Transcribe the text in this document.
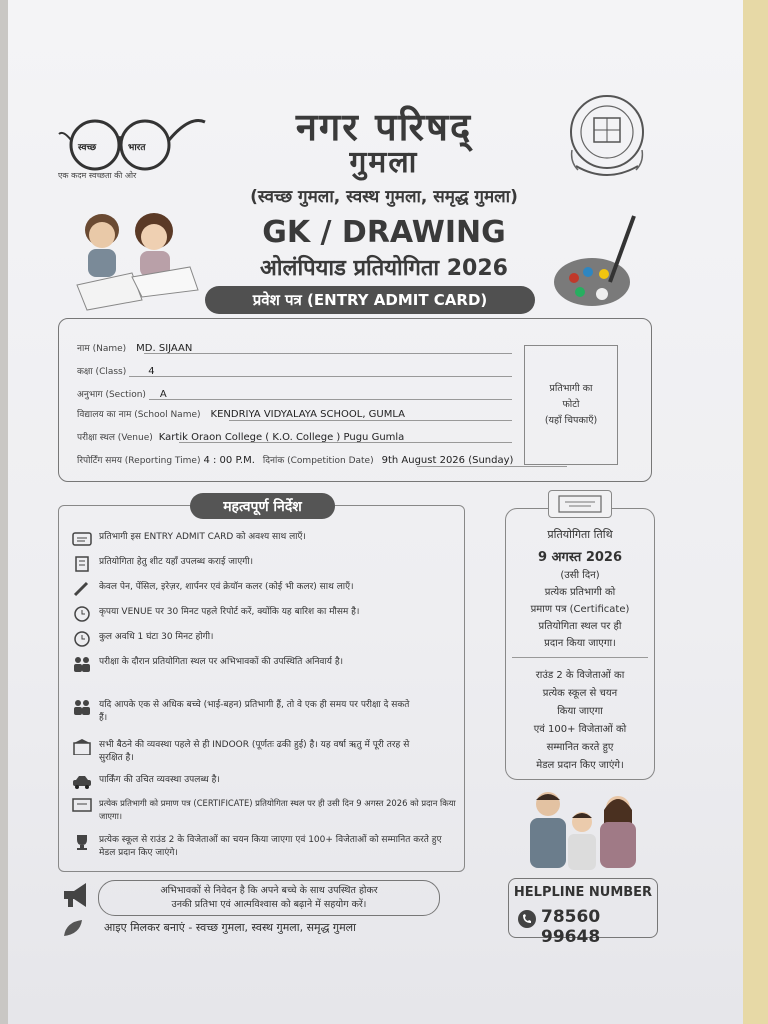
स्वच्छ	भारत
एक कदम स्वच्छता की ओर
नगर परिषद्
गुमला
(स्वच्छ गुमला, स्वस्थ गुमला, समृद्ध गुमला)
GK / DRAWING
ओलंपियाड प्रतियोगिता 2026
प्रवेश पत्र (ENTRY ADMIT CARD)
नाम (Name) MD. SIJAAN
कक्षा (Class) 4
अनुभाग (Section) A
विद्यालय का नाम (School Name) KENDRIYA VIDYALAYA SCHOOL, GUMLA
परीक्षा स्थल (Venue) Kartik Oraon College ( K.O. College ) Pugu Gumla
रिपोर्टिंग समय (Reporting Time) 4 : 00 P.M. दिनांक (Competition Date) 9th August 2026 (Sunday)
प्रतिभागी का
फोटो
(यहाँ चिपकाएँ)
प्रतिभागी इस ENTRY ADMIT CARD को अवश्य साथ लाएँ।
प्रतियोगिता हेतु शीट यहाँ उपलब्ध कराई जाएगी।
केवल पेन, पेंसिल, इरेज़र, शार्पनर एवं क्रेयॉन कलर (कोई भी कलर) साथ लाएँ।
कृपया VENUE पर 30 मिनट पहले रिपोर्ट करें, क्योंकि यह बारिश का मौसम है।
कुल अवधि 1 घंटा 30 मिनट होगी।
परीक्षा के दौरान प्रतियोगिता स्थल पर अभिभावकों की उपस्थिति अनिवार्य है।
यदि आपके एक से अधिक बच्चे (भाई-बहन) प्रतिभागी हैं, तो वे एक ही समय पर परीक्षा दे सकते हैं।
सभी बैठने की व्यवस्था पहले से ही INDOOR (पूर्णतः ढकी हुई) है। यह वर्षा ऋतु में पूरी तरह से सुरक्षित है।
पार्किंग की उचित व्यवस्था उपलब्ध है।
प्रत्येक प्रतिभागी को प्रमाण पत्र (CERTIFICATE) प्रतियोगिता स्थल पर ही उसी दिन 9 अगस्त 2026 को प्रदान किया जाएगा।
प्रत्येक स्कूल से राउंड 2 के विजेताओं का चयन किया जाएगा एवं 100+ विजेताओं को सम्मानित करते हुए मेडल प्रदान किए जाएंगे।
महत्वपूर्ण निर्देश
प्रतियोगिता तिथि
9 अगस्त 2026
(उसी दिन)
प्रत्येक प्रतिभागी को
प्रमाण पत्र (Certificate)
प्रतियोगिता स्थल पर ही
प्रदान किया जाएगा।
राउंड 2 के विजेताओं का
प्रत्येक स्कूल से चयन
किया जाएगा
एवं 100+ विजेताओं को
सम्मानित करते हुए
मेडल प्रदान किए जाएंगे।
HELPLINE NUMBER
78560 99648
अभिभावकों से निवेदन है कि अपने बच्चे के साथ उपस्थित होकर
उनकी प्रतिभा एवं आत्मविश्वास को बढ़ाने में सहयोग करें।
आइए मिलकर बनाएं - स्वच्छ गुमला, स्वस्थ गुमला, समृद्ध गुमला
